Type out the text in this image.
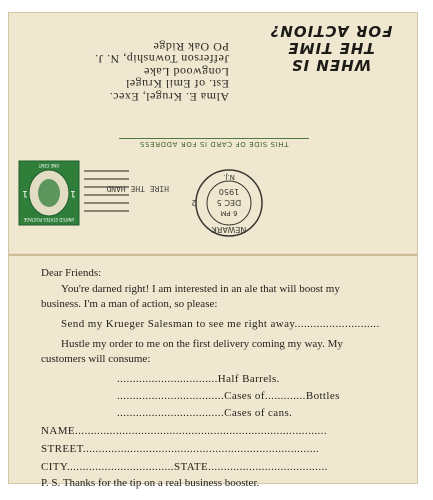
WHEN IS
THE TIME
FOR ACTION?
Alma E. Krugel, Exec.
Est. of Emil Krugel
Longwood Lake
Jefferson Township, N. J.
PO Oak Ridge
THIS SIDE OF CARD IS FOR ADDRESS
NEWARK
6 PM
DEC 5
1950
N.J.
2
HIRE THE HAND
1
1
UNITED STATES POSTAGE
ONE CENT
Dear Friends:
You're darned right! I am interested in an ale that will boost my
business. I'm a man of action, so please:
Send my Krueger Salesman to see me right away...........................
Hustle my order to me on the first delivery coming my way. My
customers will consume:
................................Half Barrels.
..................................Cases of.............Bottles
..................................Cases of cans.
NAME................................................................................
STREET...........................................................................
CITY..................................STATE......................................
P. S. Thanks for the tip on a real business booster.
